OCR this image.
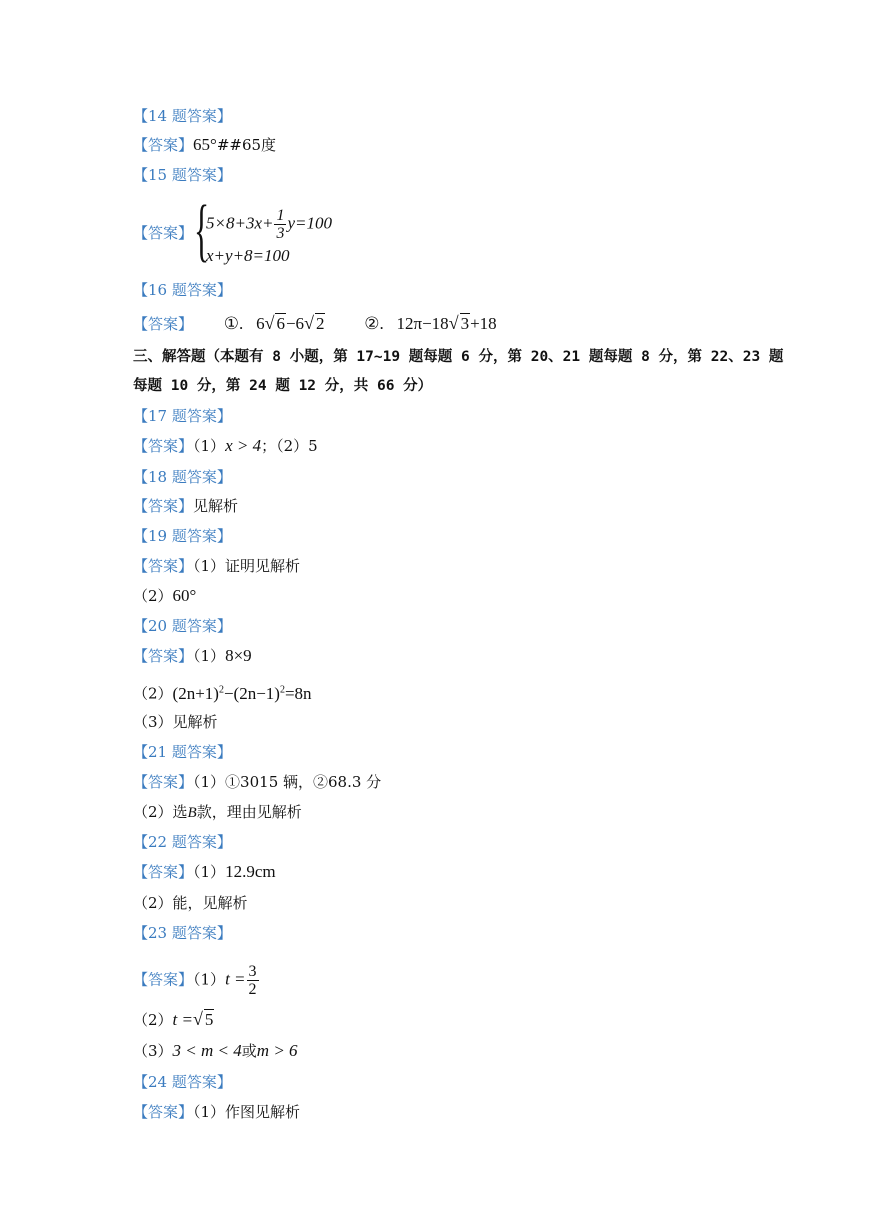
【14 题答案】
【答案】65°##65度
【15 题答案】
【答案】 {
$5\times 8+3x+ \frac{1}{3} y=100$
x+y+8=100
【16 题答案】
【答案】 ①. 6√ 6−6√ 2 ②. 12π−18√ 3+18
三、解答题（本题有 8 小题，第 17~19 题每题 6 分，第 20、21 题每题 8 分，第 22、23 题
每题 10 分，第 24 题 12 分，共 66 分）
【17 题答案】
【答案】（1）x > 4；（2）5
【18 题答案】
【答案】见解析
【19 题答案】
【答案】（1）证明见解析
（2）60°
【20 题答案】
【答案】（1）8×9
$(2)(2n+1)^2-(2n-1)^2=8n$
（3）见解析
【21 题答案】
【答案】（1）①3015 辆，②68.3 分
（2）选B款，理由见解析
【22 题答案】
【答案】（1）12.9cm
（2）能，见解析
【23 题答案】
【答案】$(1)t = \frac{3}{2}$
（2）t =√ 5
（3）3 < m < 4或m > 6
【24 题答案】
【答案】（1）作图见解析
